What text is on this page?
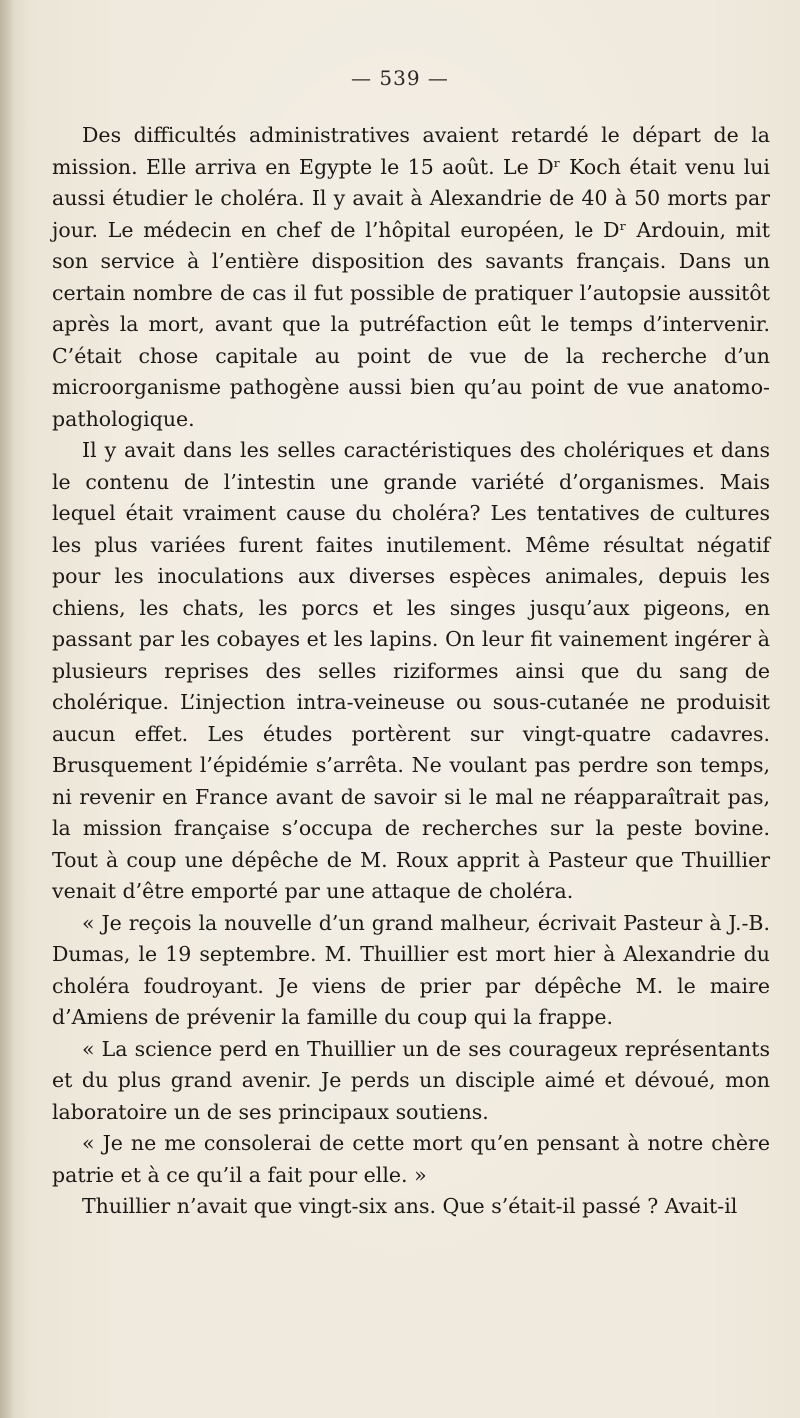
— 539 —

Des difficultés administratives avaient retardé le départ de la mission. Elle arriva en Egypte le 15 août. Le Dʳ Koch était venu lui aussi étudier le choléra. Il y avait à Alexandrie de 40 à 50 morts par jour. Le médecin en chef de l’hôpital européen, le Dʳ Ardouin, mit son service à l’entière disposition des savants français. Dans un certain nombre de cas il fut possible de pratiquer l’autopsie aussitôt après la mort, avant que la putréfaction eût le temps d’intervenir. C’était chose capitale au point de vue de la recherche d’un microorganisme pathogène aussi bien qu’au point de vue anatomo-pathologique.

Il y avait dans les selles caractéristiques des cholériques et dans le contenu de l’intestin une grande variété d’organismes. Mais lequel était vraiment cause du choléra? Les tentatives de cultures les plus variées furent faites inutilement. Même résultat négatif pour les inoculations aux diverses espèces animales, depuis les chiens, les chats, les porcs et les singes jusqu’aux pigeons, en passant par les cobayes et les lapins. On leur fit vainement ingérer à plusieurs reprises des selles riziformes ainsi que du sang de cholérique. L’injection intra-veineuse ou sous-cutanée ne produisit aucun effet. Les études portèrent sur vingt-quatre cadavres. Brusquement l’épidémie s’arrêta. Ne voulant pas perdre son temps, ni revenir en France avant de savoir si le mal ne réapparaîtrait pas, la mission française s’occupa de recherches sur la peste bovine. Tout à coup une dépêche de M. Roux apprit à Pasteur que Thuillier venait d’être emporté par une attaque de choléra.

« Je reçois la nouvelle d’un grand malheur, écrivait Pasteur à J.-B. Dumas, le 19 septembre. M. Thuillier est mort hier à Alexandrie du choléra foudroyant. Je viens de prier par dépêche M. le maire d’Amiens de prévenir la famille du coup qui la frappe.

« La science perd en Thuillier un de ses courageux représentants et du plus grand avenir. Je perds un disciple aimé et dévoué, mon laboratoire un de ses principaux soutiens.

« Je ne me consolerai de cette mort qu’en pensant à notre chère patrie et à ce qu’il a fait pour elle. »

Thuillier n’avait que vingt-six ans. Que s’était-il passé ? Avait-il
